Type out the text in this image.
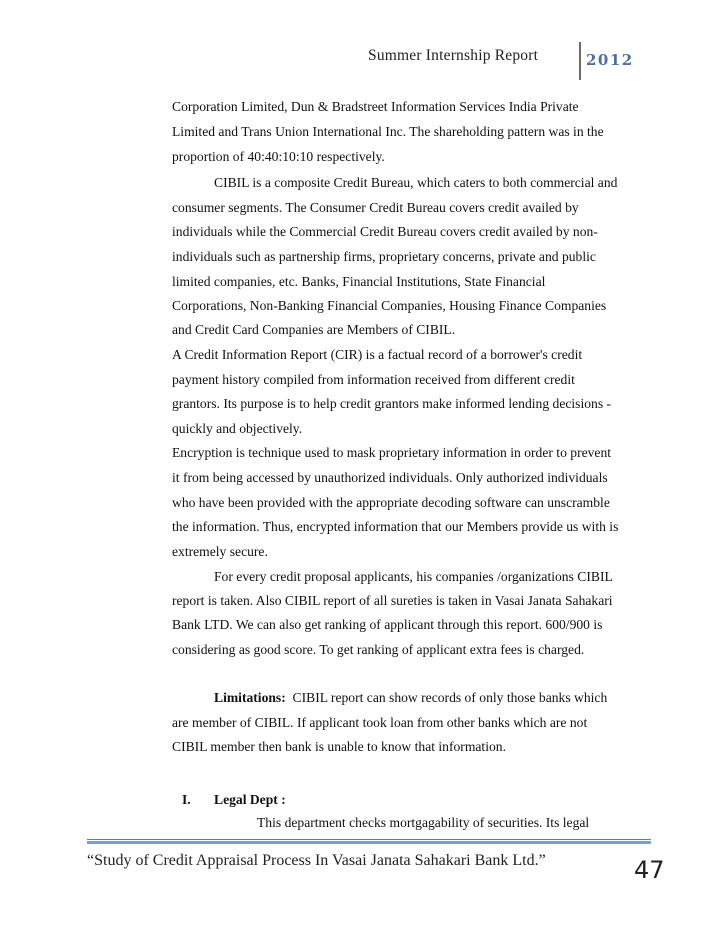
Summer Internship Report	2012
Corporation Limited, Dun & Bradstreet Information Services India Private
Limited and Trans Union International Inc. The shareholding pattern was in the
proportion of 40:40:10:10 respectively.
CIBIL is a composite Credit Bureau, which caters to both commercial and
consumer segments. The Consumer Credit Bureau covers credit availed by
individuals while the Commercial Credit Bureau covers credit availed by non-
individuals such as partnership firms, proprietary concerns, private and public
limited companies, etc. Banks, Financial Institutions, State Financial
Corporations, Non-Banking Financial Companies, Housing Finance Companies
and Credit Card Companies are Members of CIBIL.
A Credit Information Report (CIR) is a factual record of a borrower's credit
payment history compiled from information received from different credit
grantors. Its purpose is to help credit grantors make informed lending decisions -
quickly and objectively.
Encryption is technique used to mask proprietary information in order to prevent
it from being accessed by unauthorized individuals. Only authorized individuals
who have been provided with the appropriate decoding software can unscramble
the information. Thus, encrypted information that our Members provide us with is
extremely secure.
For every credit proposal applicants, his companies /organizations CIBIL
report is taken. Also CIBIL report of all sureties is taken in Vasai Janata Sahakari
Bank LTD. We can also get ranking of applicant through this report. 600/900 is
considering as good score. To get ranking of applicant extra fees is charged.
Limitations:  CIBIL report can show records of only those banks which
are member of CIBIL. If applicant took loan from other banks which are not
CIBIL member then bank is unable to know that information.
I. Legal Dept :
This department checks mortgagability of securities. Its legal
“Study of Credit Appraisal Process In Vasai Janata Sahakari Bank Ltd.”	47
